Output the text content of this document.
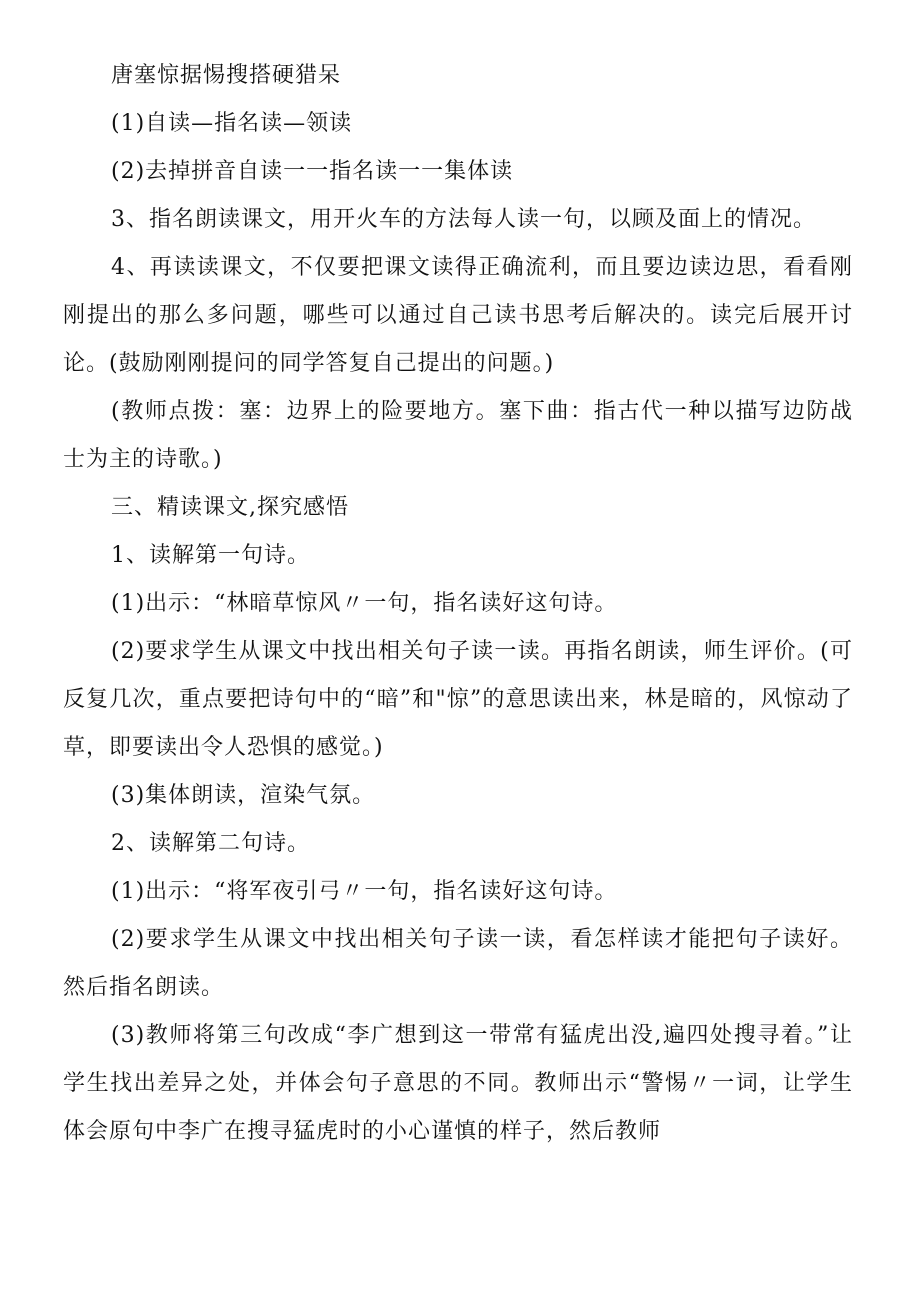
唐塞惊据惕搜搭硬猎呆

(1)自读—指名读—领读

(2)去掉拼音自读一一指名读一一集体读

3、指名朗读课文，用开火车的方法每人读一句，以顾及面上的情况。

4、再读读课文，不仅要把课文读得正确流利，而且要边读边思，看看刚刚提出的那么多问题，哪些可以通过自己读书思考后解决的。读完后展开讨论。(鼓励刚刚提问的同学答复自己提出的问题。)

(教师点拨：塞：边界上的险要地方。塞下曲：指古代一种以描写边防战士为主的诗歌。)

三、精读课文,探究感悟

1、读解第一句诗。

(1)出示：“林暗草惊风〃一句，指名读好这句诗。

(2)要求学生从课文中找出相关句子读一读。再指名朗读，师生评价。(可反复几次，重点要把诗句中的“暗”和"惊”的意思读出来，林是暗的，风惊动了草，即要读出令人恐惧的感觉。)

(3)集体朗读，渲染气氛。

2、读解第二句诗。

(1)出示：“将军夜引弓〃一句，指名读好这句诗。

(2)要求学生从课文中找出相关句子读一读，看怎样读才能把句子读好。然后指名朗读。

(3)教师将第三句改成“李广想到这一带常有猛虎出没,遍四处搜寻着。”让学生找出差异之处，并体会句子意思的不同。教师出示“警惕〃一词，让学生体会原句中李广在搜寻猛虎时的小心谨慎的样子，然后教师
